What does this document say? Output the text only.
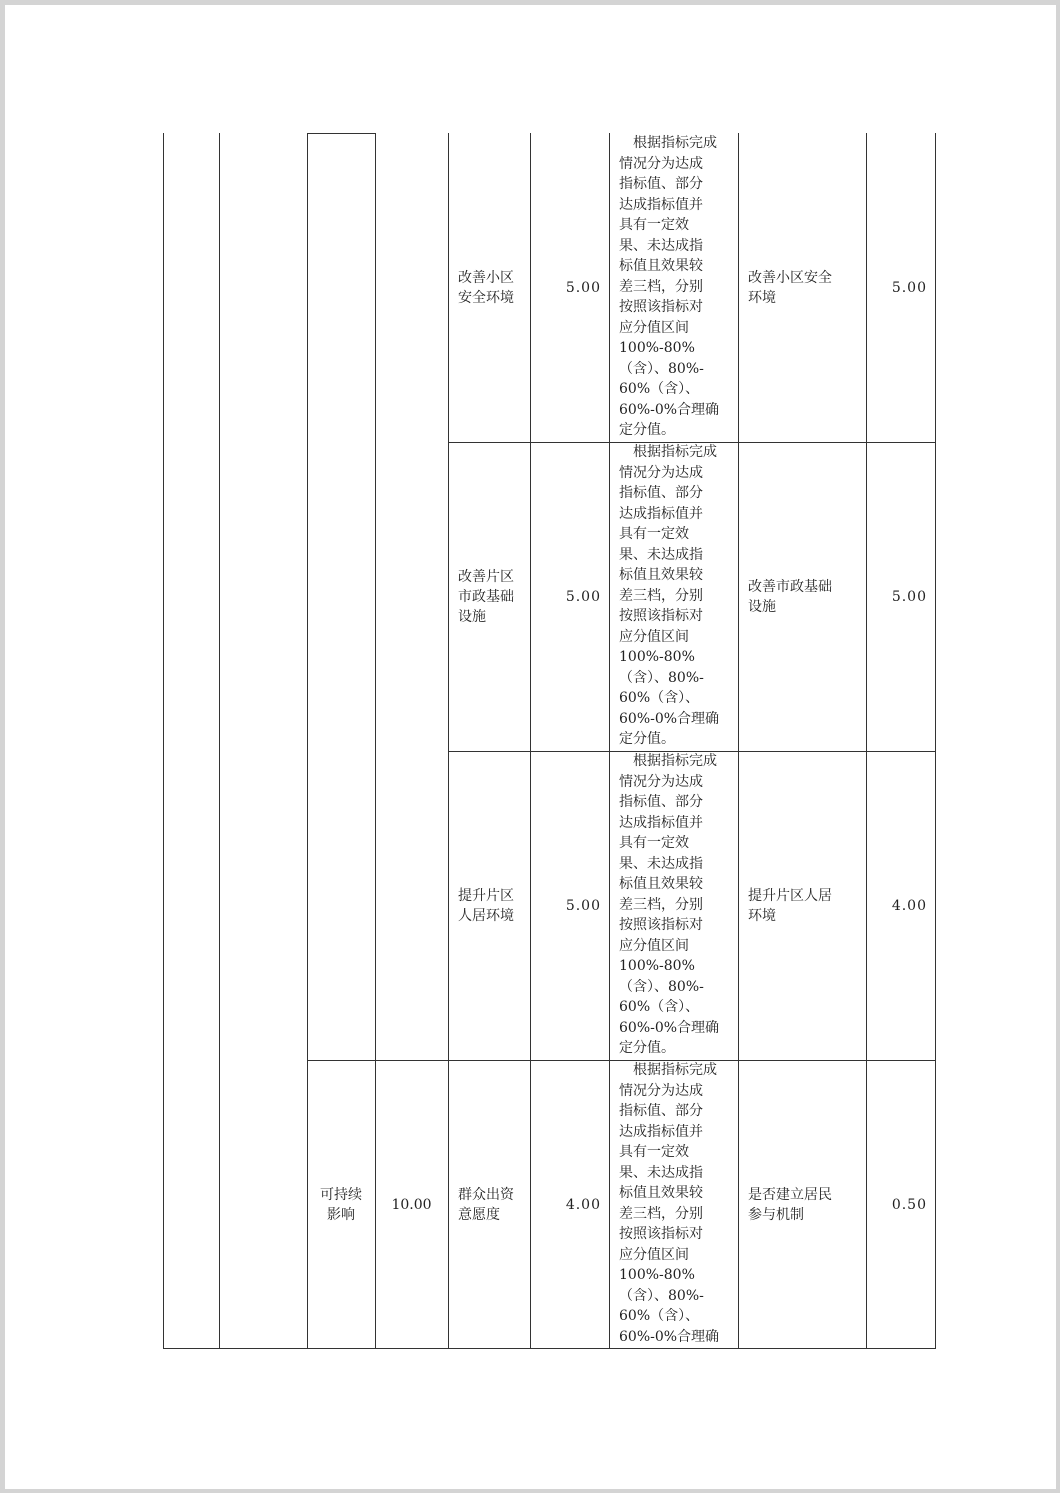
改善小区
安全环境
5.00
　根据指标完成
情况分为达成
指标值、部分
达成指标值并
具有一定效
果、未达成指
标值且效果较
差三档，分别
按照该指标对
应分值区间
100%-80%
（含）、80%-
60%（含）、
60%-0%合理确
定分值。
改善小区安全
环境
5.00
改善片区
市政基础
设施
5.00
　根据指标完成
情况分为达成
指标值、部分
达成指标值并
具有一定效
果、未达成指
标值且效果较
差三档，分别
按照该指标对
应分值区间
100%-80%
（含）、80%-
60%（含）、
60%-0%合理确
定分值。
改善市政基础
设施
5.00
提升片区
人居环境
5.00
　根据指标完成
情况分为达成
指标值、部分
达成指标值并
具有一定效
果、未达成指
标值且效果较
差三档，分别
按照该指标对
应分值区间
100%-80%
（含）、80%-
60%（含）、
60%-0%合理确
定分值。
提升片区人居
环境
4.00
可持续
影响
10.00
群众出资
意愿度
4.00
　根据指标完成
情况分为达成
指标值、部分
达成指标值并
具有一定效
果、未达成指
标值且效果较
差三档，分别
按照该指标对
应分值区间
100%-80%
（含）、80%-
60%（含）、
60%-0%合理确
是否建立居民
参与机制
0.50
